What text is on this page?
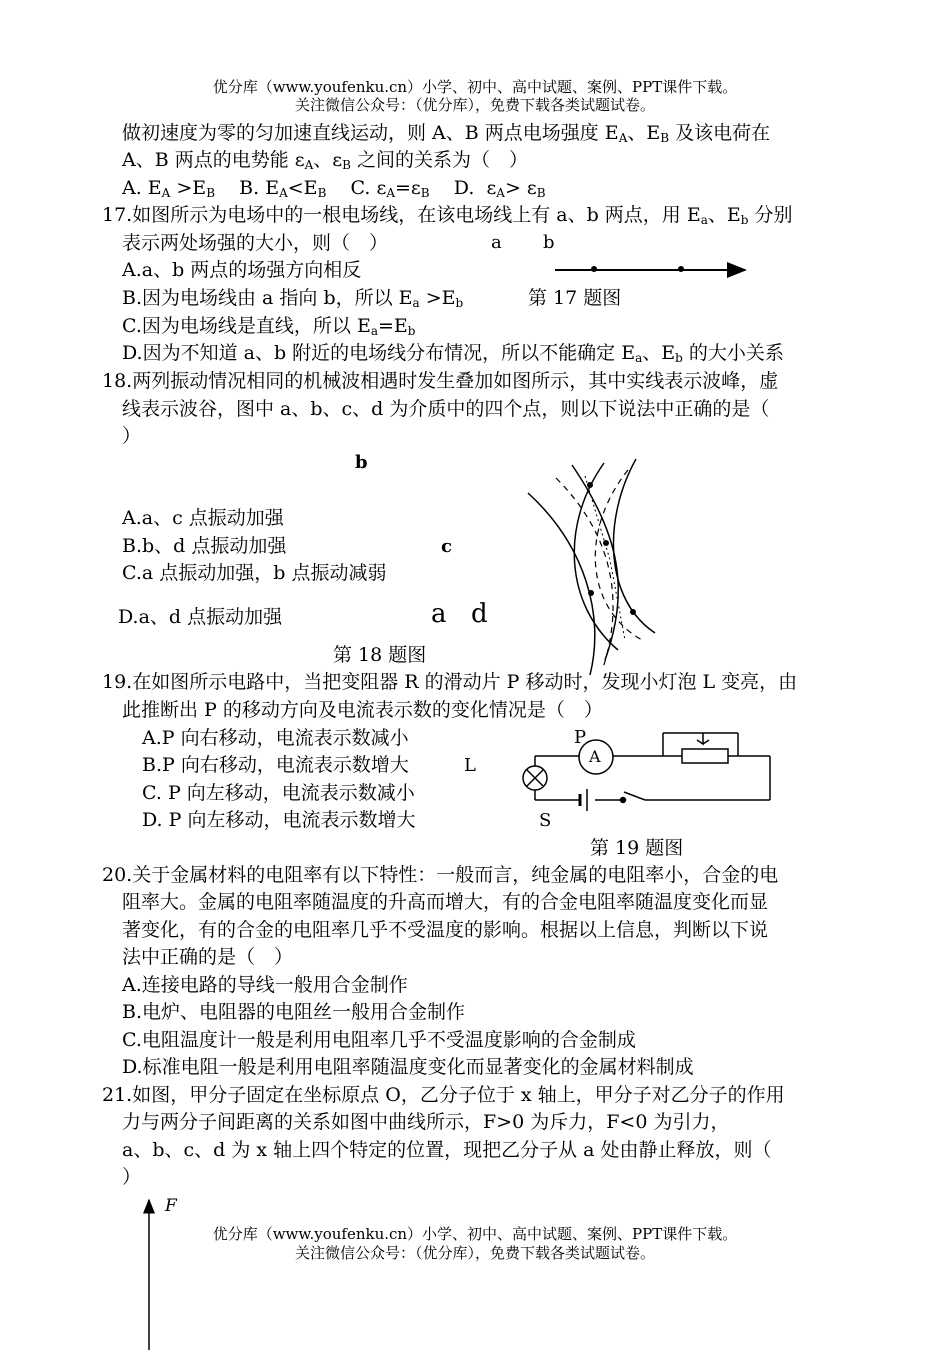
优分库（www.youfenku.cn）小学、初中、高中试题、案例、PPT课件下载。
关注微信公众号：（优分库），免费下载各类试题试卷。
做初速度为零的匀加速直线运动，则 A、B 两点电场强度 $E_A$、$E_B$ 及该电荷在
A、B 两点的电势能 $\varepsilon_A$、$\varepsilon_B$ 之间的关系为（　）
A. $E_A >E_B$    B. $E_A<E_B$    C. $\varepsilon_A=\varepsilon_B$    D.  $\varepsilon_A> \varepsilon_B$
17.如图所示为电场中的一根电场线，在该电场线上有 a、b 两点，用 $E_a$、$E_b$ 分别
表示两处场强的大小，则（　）	a b
A.a、b 两点的场强方向相反
B.因为电场线由 a 指向 b，所以 $E_a >E_b$	第 17 题图
C.因为电场线是直线，所以 $E_a=E_b$
D.因为不知道 a、b 附近的电场线分布情况，所以不能确定 $E_a$、$E_b$ 的大小关系
18.两列振动情况相同的机械波相遇时发生叠加如图所示，其中实线表示波峰，虚
线表示波谷，图中 a、b、c、d 为介质中的四个点，则以下说法中正确的是（
）
b
A.a、c 点振动加强
B.b、d 点振动加强	c
C.a 点振动加强，b 点振动减弱
D.a、d 点振动加强	a d
第 18 题图
19.在如图所示电路中，当把变阻器 R 的滑动片 P 移动时，发现小灯泡 L 变亮，由
此推断出 P 的移动方向及电流表示数的变化情况是（　）
A.P 向右移动，电流表示数减小
B.P 向右移动，电流表示数增大
C. P 向左移动，电流表示数减小
D. P 向左移动，电流表示数增大
P
A
L
S
第 19 题图
20.关于金属材料的电阻率有以下特性：一般而言，纯金属的电阻率小，合金的电
阻率大。金属的电阻率随温度的升高而增大，有的合金电阻率随温度变化而显
著变化，有的合金的电阻率几乎不受温度的影响。根据以上信息，判断以下说
法中正确的是（　）
A.连接电路的导线一般用合金制作
B.电炉、电阻器的电阻丝一般用合金制作
C.电阻温度计一般是利用电阻率几乎不受温度影响的合金制成
D.标准电阻一般是利用电阻率随温度变化而显著变化的金属材料制成
21.如图，甲分子固定在坐标原点 O，乙分子位于 x 轴上，甲分子对乙分子的作用
力与两分子间距离的关系如图中曲线所示，F>0 为斥力，F<0 为引力，
a、b、c、d 为 x 轴上四个特定的位置，现把乙分子从 a 处由静止释放，则（
）
F
优分库（www.youfenku.cn）小学、初中、高中试题、案例、PPT课件下载。
关注微信公众号：（优分库），免费下载各类试题试卷。
